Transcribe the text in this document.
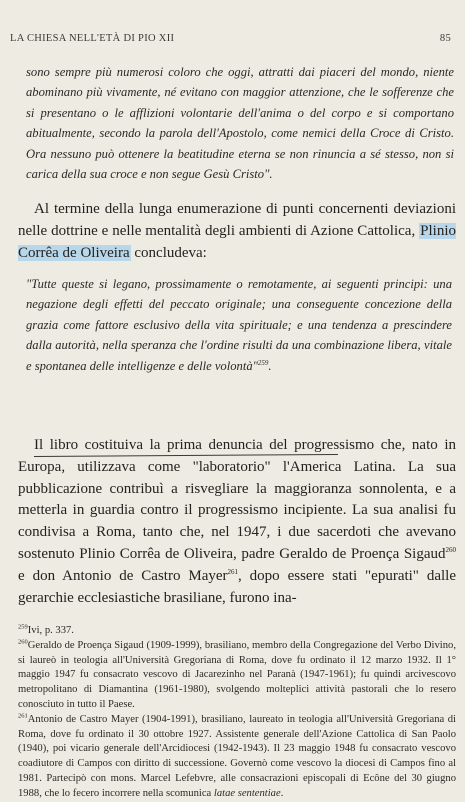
LA CHIESA NELL'ETÀ DI PIO XII	85

sono sempre più numerosi coloro che oggi, attratti dai piaceri del mondo, niente abominano più vivamente, né evitano con maggior attenzione, che le sofferenze che si presentano o le afflizioni volontarie dell'anima o del corpo e si comportano abitualmente, secondo la parola dell'Apostolo, come nemici della Croce di Cristo. Ora nessuno può ottenere la beatitudine eterna se non rinuncia a sé stesso, non si carica della sua croce e non segue Gesù Cristo".

Al termine della lunga enumerazione di punti concernenti deviazioni nelle dottrine e nelle mentalità degli ambienti di Azione Cattolica, Plinio Corrêa de Oliveira concludeva:

"Tutte queste si legano, prossimamente o remotamente, ai seguenti principi: una negazione degli effetti del peccato originale; una conseguente concezione della grazia come fattore esclusivo della vita spirituale; e una tendenza a prescindere dalla autorità, nella speranza che l'ordine risulti da una combinazione libera, vitale e spontanea delle intelligenze e delle volontà"$^{259}$.

Il libro costituiva la prima denuncia del progressismo che, nato in Europa, utilizzava come "laboratorio" l'America Latina. La sua pubblicazione contribuì a risvegliare la maggioranza sonnolenta, e a metterla in guardia contro il progressismo incipiente. La sua analisi fu condivisa a Roma, tanto che, nel 1947, i due sacerdoti che avevano sostenuto Plinio Corrêa de Oliveira, padre Geraldo de Proença Sigaud$^{260}$ e don Antonio de Castro Mayer$^{261}$, dopo essere stati "epurati" dalle gerarchie ecclesiastiche brasiliane, furono ina-

$^{259}$Ivi, p. 337.

$^{260}$Geraldo de Proença Sigaud (1909-1999), brasiliano, membro della Congregazione del Verbo Divino, si laureò in teologia all'Università Gregoriana di Roma, dove fu ordinato il 12 marzo 1932. Il 1° maggio 1947 fu consacrato vescovo di Jacarezinho nel Paranà (1947-1961); fu quindi arcivescovo metropolitano di Diamantina (1961-1980), svolgendo molteplici attività pastorali che lo resero conosciuto in tutto il Paese.

$^{261}$Antonio de Castro Mayer (1904-1991), brasiliano, laureato in teologia all'Università Gregoriana di Roma, dove fu ordinato il 30 ottobre 1927. Assistente generale dell'Azione Cattolica di San Paolo (1940), poi vicario generale dell'Arcidiocesi (1942-1943). Il 23 maggio 1948 fu consacrato vescovo coadiutore di Campos con diritto di successione. Governò come vescovo la diocesi di Campos fino al 1981. Partecipò con mons. Marcel Lefebvre, alle consacrazioni episcopali di Ecône del 30 giugno 1988, che lo fecero incorrere nella scomunica latae sententiae.
